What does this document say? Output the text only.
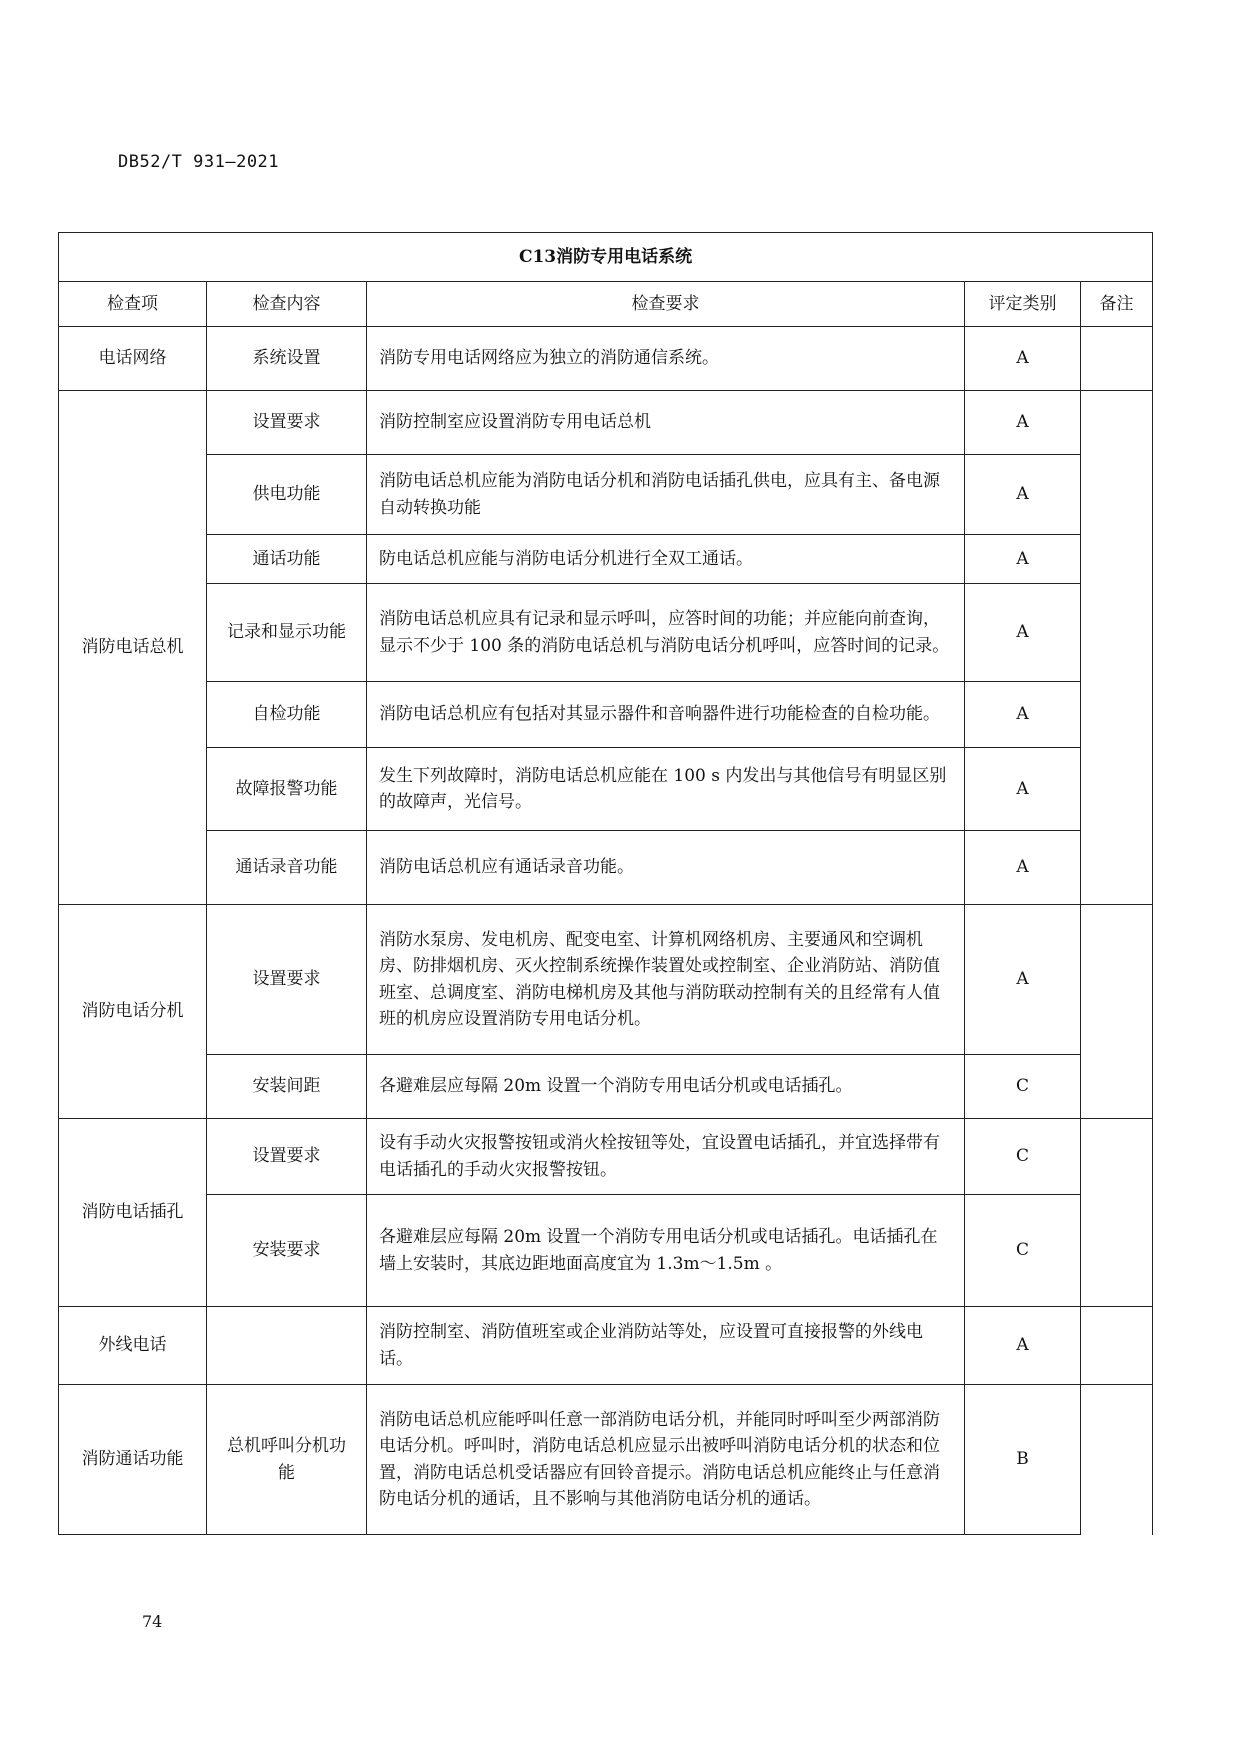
DB52/T 931—2021
C13消防专用电话系统				
检查项	检查内容	检查要求	评定类别	备注
电话网络	系统设置	消防专用电话网络应为独立的消防通信系统。	A	
消防电话总机	设置要求	消防控制室应设置消防专用电话总机	A	
	供电功能	消防电话总机应能为消防电话分机和消防电话插孔供电，应具有主、备电源自动转换功能	A	
	通话功能	防电话总机应能与消防电话分机进行全双工通话。	A	
	记录和显示功能	消防电话总机应具有记录和显示呼叫，应答时间的功能；并应能向前查询，显示不少于 100 条的消防电话总机与消防电话分机呼叫，应答时间的记录。	A	
	自检功能	消防电话总机应有包括对其显示器件和音响器件进行功能检查的自检功能。	A	
	故障报警功能	发生下列故障时，消防电话总机应能在 100 s 内发出与其他信号有明显区别的故障声，光信号。	A	
	通话录音功能	消防电话总机应有通话录音功能。	A	
消防电话分机	设置要求	消防水泵房、发电机房、配变电室、计算机网络机房、主要通风和空调机房、防排烟机房、灭火控制系统操作装置处或控制室、企业消防站、消防值班室、总调度室、消防电梯机房及其他与消防联动控制有关的且经常有人值班的机房应设置消防专用电话分机。	A	
	安装间距	各避难层应每隔 20m 设置一个消防专用电话分机或电话插孔。	C	
消防电话插孔	设置要求	设有手动火灾报警按钮或消火栓按钮等处，宜设置电话插孔，并宜选择带有电话插孔的手动火灾报警按钮。	C	
	安装要求	各避难层应每隔 20m 设置一个消防专用电话分机或电话插孔。电话插孔在墙上安装时，其底边距地面高度宜为 1.3m～1.5m 。	C	
外线电话		消防控制室、消防值班室或企业消防站等处，应设置可直接报警的外线电话。	A	
消防通话功能	总机呼叫分机功能	消防电话总机应能呼叫任意一部消防电话分机，并能同时呼叫至少两部消防电话分机。呼叫时，消防电话总机应显示出被呼叫消防电话分机的状态和位置，消防电话总机受话器应有回铃音提示。消防电话总机应能终止与任意消防电话分机的通话，且不影响与其他消防电话分机的通话。	B	
74
